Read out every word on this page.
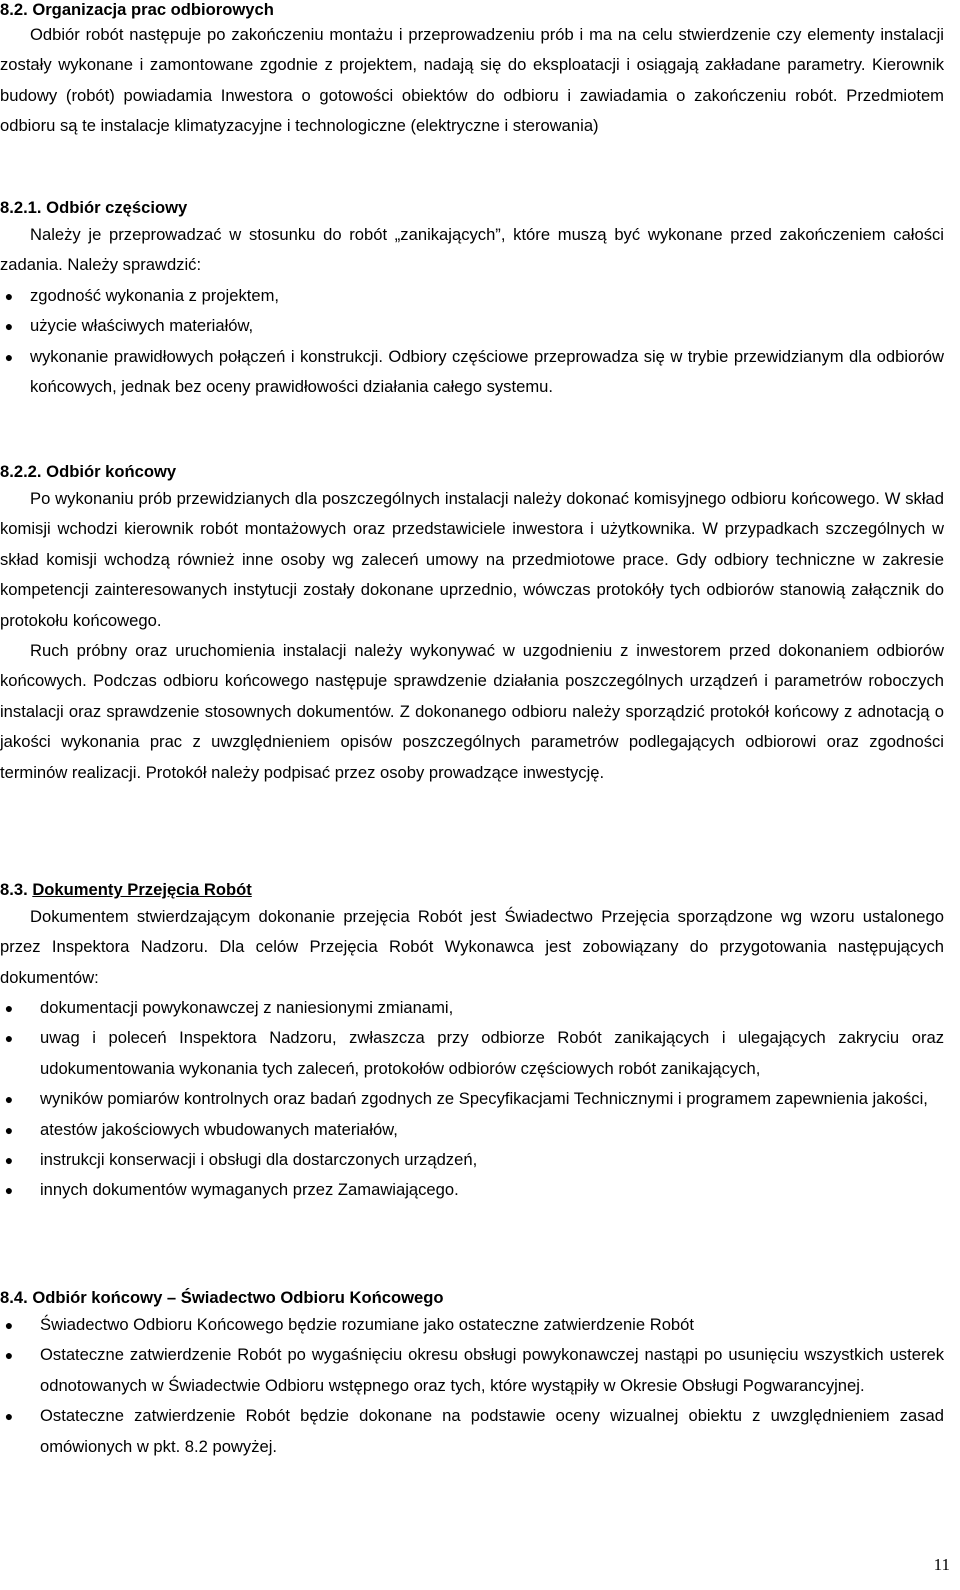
8.2. Organizacja prac odbiorowych
Odbiór robót następuje po zakończeniu montażu i przeprowadzeniu prób i ma na celu stwierdzenie czy elementy instalacji zostały wykonane i zamontowane zgodnie z projektem, nadają się do eksploatacji i osiągają zakładane parametry. Kierownik budowy (robót) powiadamia Inwestora o gotowości obiektów do odbioru i zawiadamia o zakończeniu robót. Przedmiotem odbioru są te instalacje klimatyzacyjne i technologiczne (elektryczne i sterowania)
8.2.1. Odbiór częściowy
Należy je przeprowadzać w stosunku do robót „zanikających”, które muszą być wykonane przed zakończeniem całości zadania. Należy sprawdzić:
● zgodność wykonania z projektem,
● użycie właściwych materiałów,
● wykonanie prawidłowych połączeń i konstrukcji. Odbiory częściowe przeprowadza się w trybie przewidzianym dla odbiorów końcowych, jednak bez oceny prawidłowości działania całego systemu.
8.2.2. Odbiór końcowy
Po wykonaniu prób przewidzianych dla poszczególnych instalacji należy dokonać komisyjnego odbioru końcowego. W skład komisji wchodzi kierownik robót montażowych oraz przedstawiciele inwestora i użytkownika. W przypadkach szczególnych w skład komisji wchodzą również inne osoby wg zaleceń umowy na przedmiotowe prace. Gdy odbiory techniczne w zakresie kompetencji zainteresowanych instytucji zostały dokonane uprzednio, wówczas protokóły tych odbiorów stanowią załącznik do protokołu końcowego.
Ruch próbny oraz uruchomienia instalacji należy wykonywać w uzgodnieniu z inwestorem przed dokonaniem odbiorów końcowych. Podczas odbioru końcowego następuje sprawdzenie działania poszczególnych urządzeń i parametrów roboczych instalacji oraz sprawdzenie stosownych dokumentów. Z dokonanego odbioru należy sporządzić protokół końcowy z adnotacją o jakości wykonania prac z uwzględnieniem opisów poszczególnych parametrów podlegających odbiorowi oraz zgodności terminów realizacji. Protokół należy podpisać przez osoby prowadzące inwestycję.
8.3. Dokumenty Przejęcia Robót
Dokumentem stwierdzającym dokonanie przejęcia Robót jest Świadectwo Przejęcia sporządzone wg wzoru ustalonego przez Inspektora Nadzoru. Dla celów Przejęcia Robót Wykonawca jest zobowiązany do przygotowania następujących dokumentów:
● dokumentacji powykonawczej z naniesionymi zmianami,
● uwag i poleceń Inspektora Nadzoru, zwłaszcza przy odbiorze Robót zanikających i ulegających zakryciu oraz udokumentowania wykonania tych zaleceń, protokołów odbiorów częściowych robót zanikających,
● wyników pomiarów kontrolnych oraz badań zgodnych ze Specyfikacjami Technicznymi i programem zapewnienia jakości,
● atestów jakościowych wbudowanych materiałów,
● instrukcji konserwacji i obsługi dla dostarczonych urządzeń,
● innych dokumentów wymaganych przez Zamawiającego.
8.4. Odbiór końcowy – Świadectwo Odbioru Końcowego
● Świadectwo Odbioru Końcowego będzie rozumiane jako ostateczne zatwierdzenie Robót
● Ostateczne zatwierdzenie Robót po wygaśnięciu okresu obsługi powykonawczej nastąpi po usunięciu wszystkich usterek odnotowanych w Świadectwie Odbioru wstępnego oraz tych, które wystąpiły w Okresie Obsługi Pogwarancyjnej.
● Ostateczne zatwierdzenie Robót będzie dokonane na podstawie oceny wizualnej obiektu z uwzględnieniem zasad omówionych w pkt. 8.2 powyżej.
11
